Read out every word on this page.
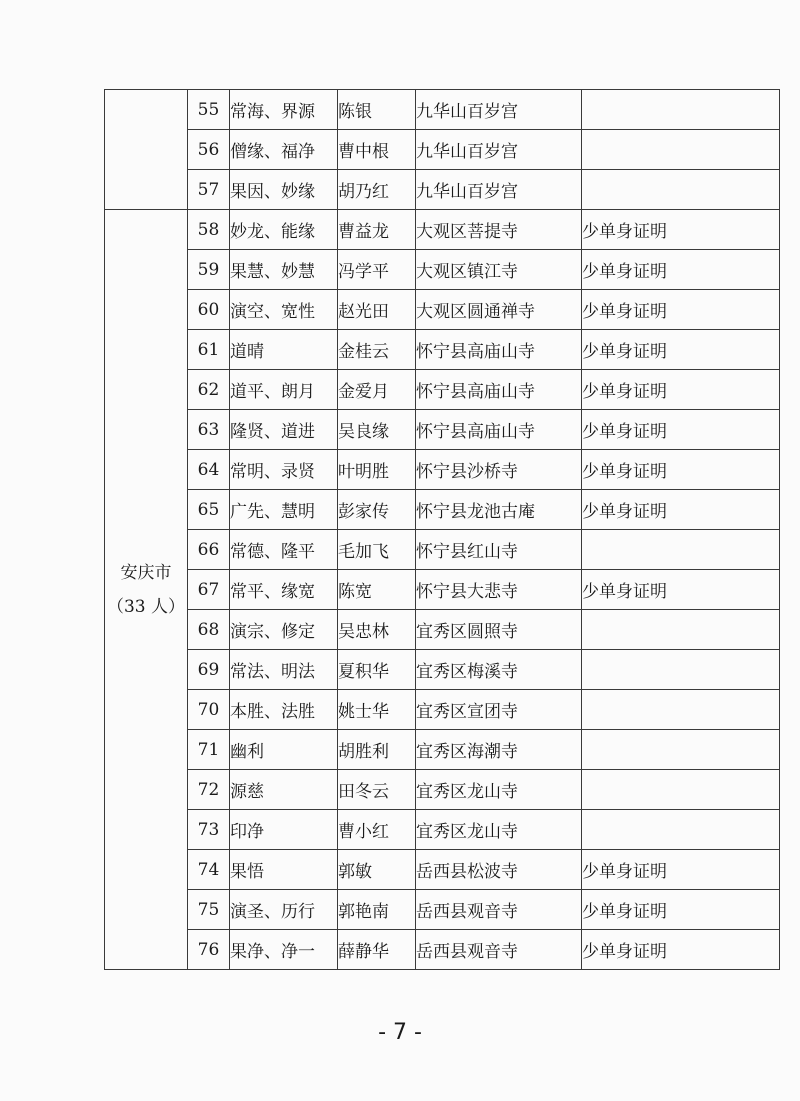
	55	常海、界源	陈银	九华山百岁宫	
	56	僧缘、福净	曹中根	九华山百岁宫	
	57	果因、妙缘	胡乃红	九华山百岁宫	

安庆市
（33 人）	58	妙龙、能缘	曹益龙	大观区菩提寺	少单身证明
	59	果慧、妙慧	冯学平	大观区镇江寺	少单身证明
	60	演空、宽性	赵光田	大观区圆通禅寺	少单身证明
	61	道晴	金桂云	怀宁县高庙山寺	少单身证明
	62	道平、朗月	金爱月	怀宁县高庙山寺	少单身证明
	63	隆贤、道进	吴良缘	怀宁县高庙山寺	少单身证明
	64	常明、录贤	叶明胜	怀宁县沙桥寺	少单身证明
	65	广先、慧明	彭家传	怀宁县龙池古庵	少单身证明
	66	常德、隆平	毛加飞	怀宁县红山寺	
	67	常平、缘宽	陈宽	怀宁县大悲寺	少单身证明
	68	演宗、修定	吴忠林	宜秀区圆照寺	
	69	常法、明法	夏积华	宜秀区梅溪寺	
	70	本胜、法胜	姚士华	宜秀区宣团寺	
	71	幽利	胡胜利	宜秀区海潮寺	
	72	源慈	田冬云	宜秀区龙山寺	
	73	印净	曹小红	宜秀区龙山寺	
	74	果悟	郭敏	岳西县松波寺	少单身证明
	75	演圣、历行	郭艳南	岳西县观音寺	少单身证明
	76	果净、净一	薛静华	岳西县观音寺	少单身证明
- 7 -
